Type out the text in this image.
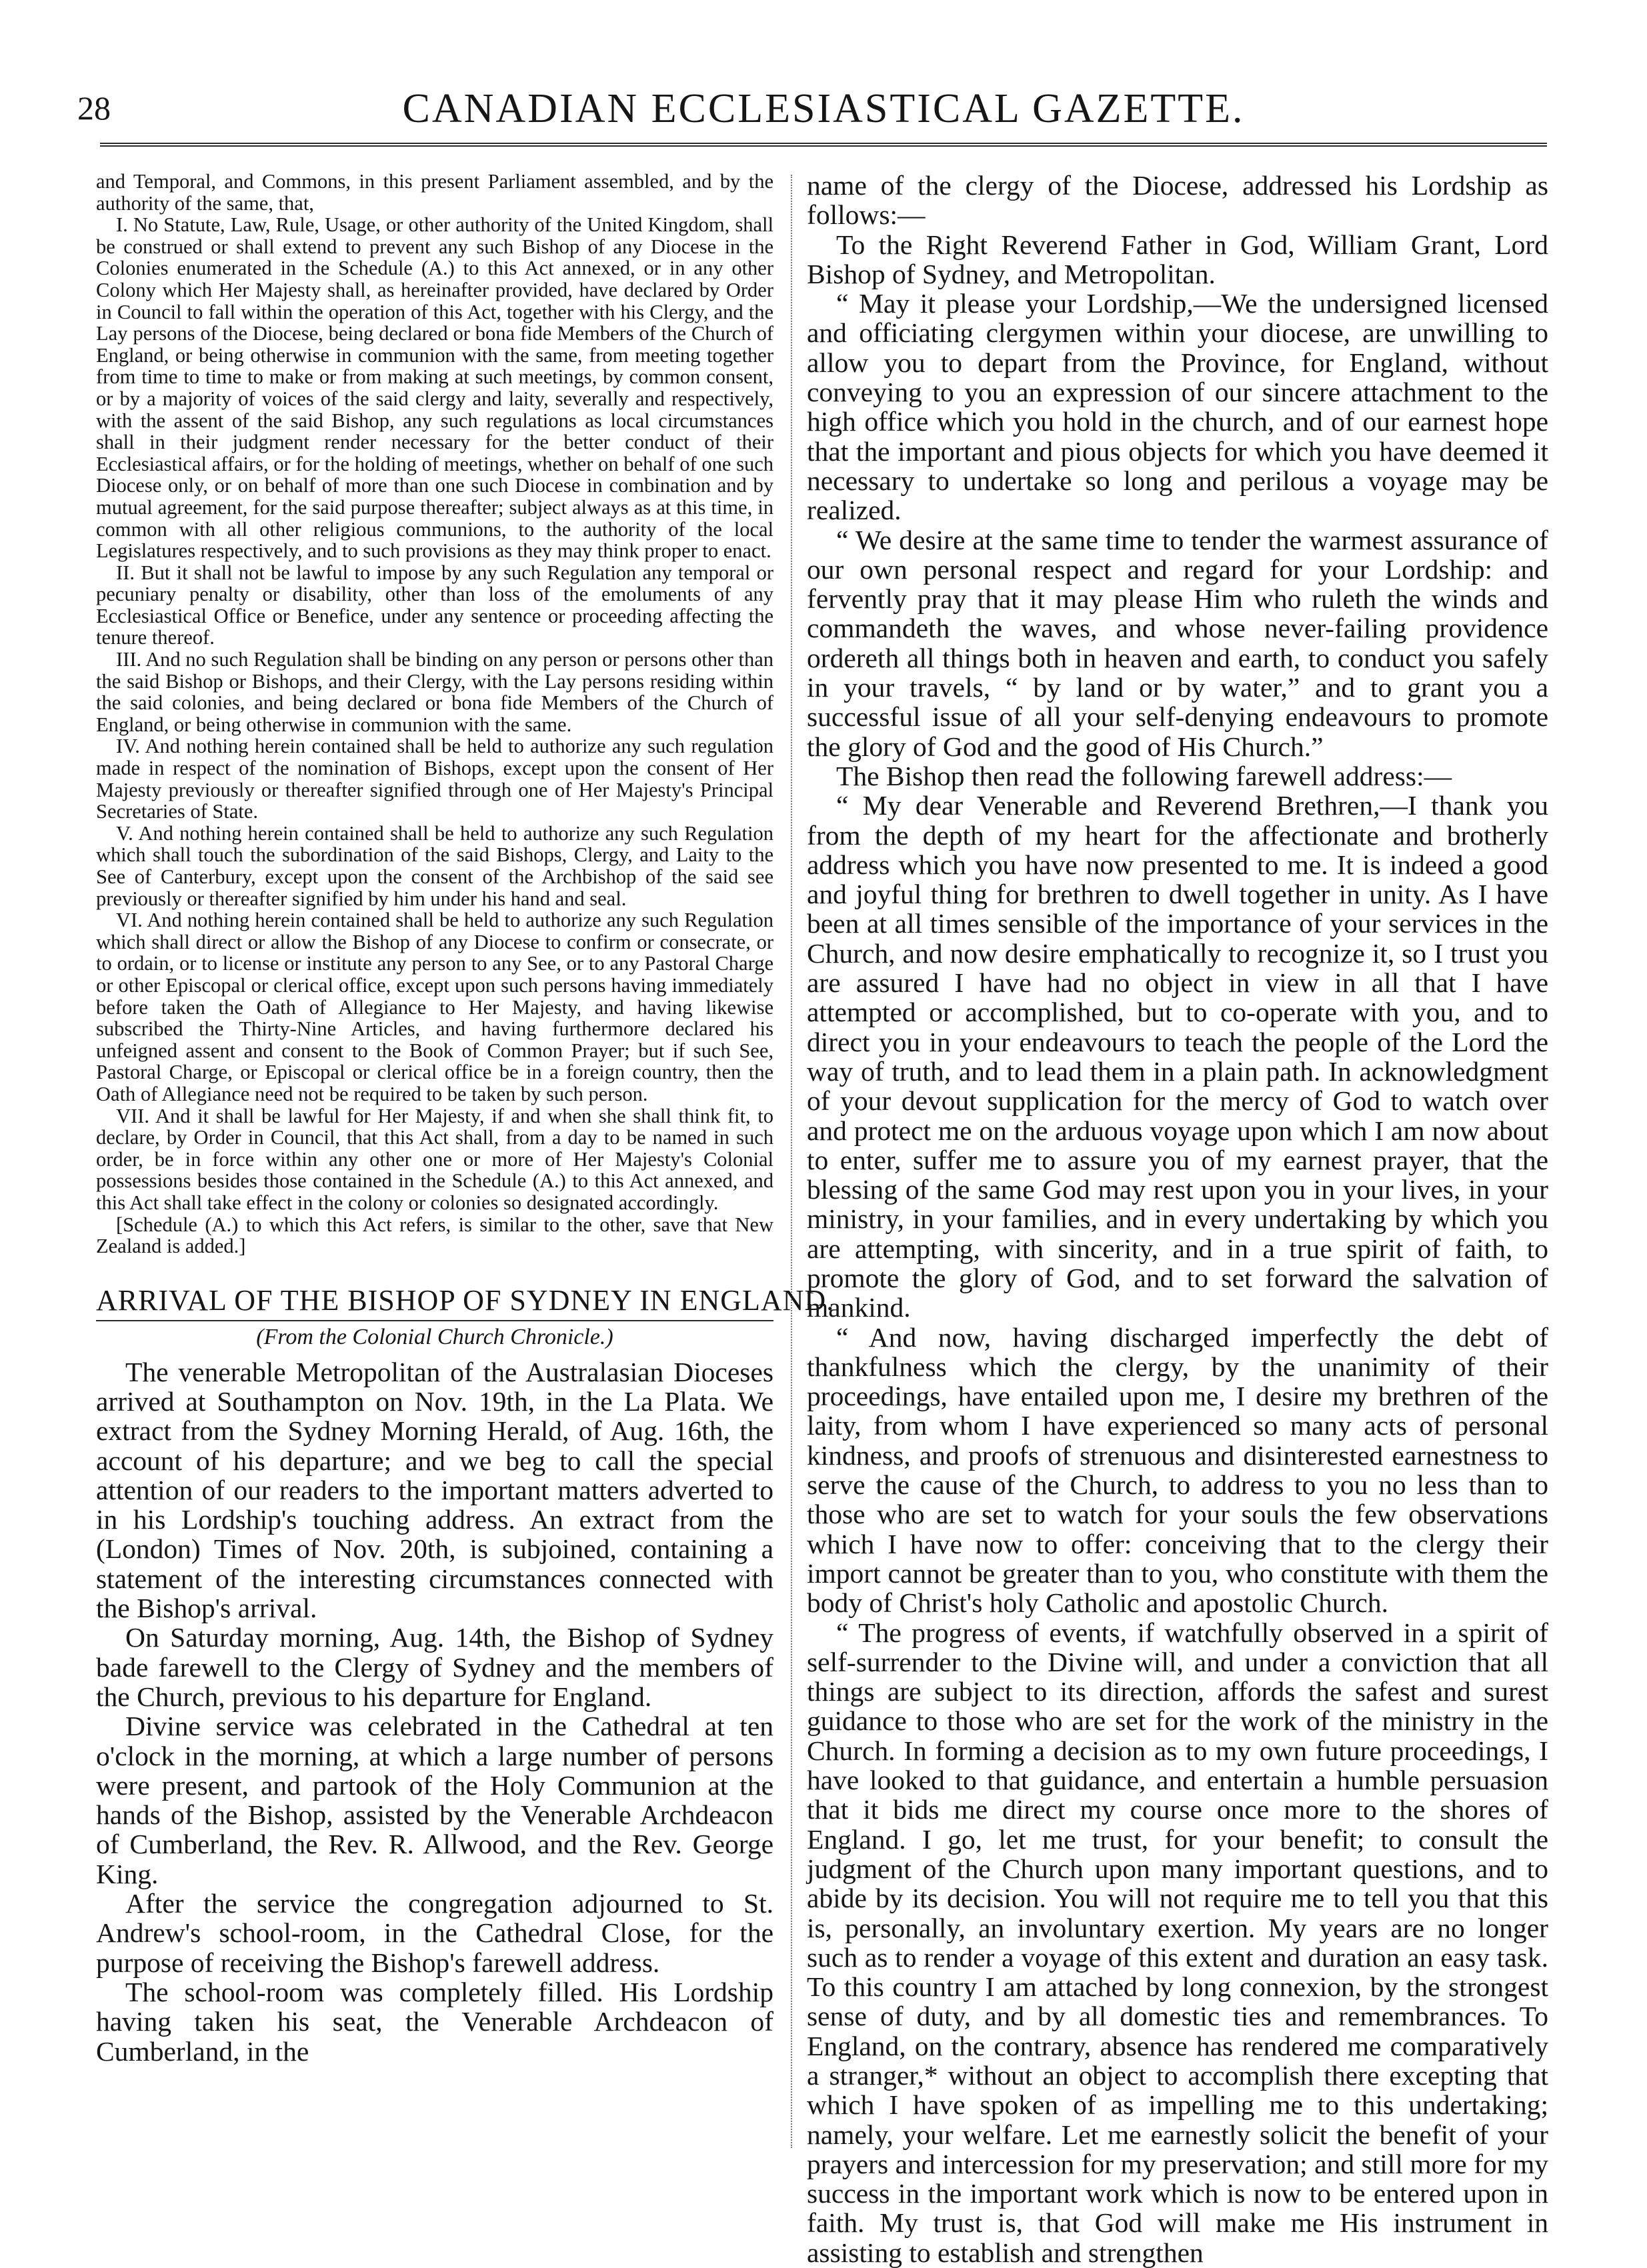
28	CANADIAN ECCLESIASTICAL GAZETTE.

and Temporal, and Commons, in this present Parliament assembled, and by the authority of the same, that,

I. No Statute, Law, Rule, Usage, or other authority of the United Kingdom, shall be construed or shall extend to prevent any such Bishop of any Diocese in the Colonies enumerated in the Schedule (A.) to this Act annexed, or in any other Colony which Her Majesty shall, as hereinafter provided, have declared by Order in Council to fall within the operation of this Act, together with his Clergy, and the Lay persons of the Diocese, being declared or bona fide Members of the Church of England, or being otherwise in communion with the same, from meeting together from time to time to make or from making at such meetings, by common consent, or by a majority of voices of the said clergy and laity, severally and respectively, with the assent of the said Bishop, any such regulations as local circumstances shall in their judgment render necessary for the better conduct of their Ecclesiastical affairs, or for the holding of meetings, whether on behalf of one such Diocese only, or on behalf of more than one such Diocese in combination and by mutual agreement, for the said purpose thereafter; subject always as at this time, in common with all other religious communions, to the authority of the local Legislatures respectively, and to such provisions as they may think proper to enact.

II. But it shall not be lawful to impose by any such Regulation any temporal or pecuniary penalty or disability, other than loss of the emoluments of any Ecclesiastical Office or Benefice, under any sentence or proceeding affecting the tenure thereof.

III. And no such Regulation shall be binding on any person or persons other than the said Bishop or Bishops, and their Clergy, with the Lay persons residing within the said colonies, and being declared or bona fide Members of the Church of England, or being otherwise in communion with the same.

IV. And nothing herein contained shall be held to authorize any such regulation made in respect of the nomination of Bishops, except upon the consent of Her Majesty previously or thereafter signified through one of Her Majesty's Principal Secretaries of State.

V. And nothing herein contained shall be held to authorize any such Regulation which shall touch the subordination of the said Bishops, Clergy, and Laity to the See of Canterbury, except upon the consent of the Archbishop of the said see previously or thereafter signified by him under his hand and seal.

VI. And nothing herein contained shall be held to authorize any such Regulation which shall direct or allow the Bishop of any Diocese to confirm or consecrate, or to ordain, or to license or institute any person to any See, or to any Pastoral Charge or other Episcopal or clerical office, except upon such persons having immediately before taken the Oath of Allegiance to Her Majesty, and having likewise subscribed the Thirty-Nine Articles, and having furthermore declared his unfeigned assent and consent to the Book of Common Prayer; but if such See, Pastoral Charge, or Episcopal or clerical office be in a foreign country, then the Oath of Allegiance need not be required to be taken by such person.

VII. And it shall be lawful for Her Majesty, if and when she shall think fit, to declare, by Order in Council, that this Act shall, from a day to be named in such order, be in force within any other one or more of Her Majesty's Colonial possessions besides those contained in the Schedule (A.) to this Act annexed, and this Act shall take effect in the colony or colonies so designated accordingly.

[Schedule (A.) to which this Act refers, is similar to the other, save that New Zealand is added.]

ARRIVAL OF THE BISHOP OF SYDNEY IN ENGLAND.
(From the Colonial Church Chronicle.)

The venerable Metropolitan of the Australasian Dioceses arrived at Southampton on Nov. 19th, in the La Plata. We extract from the Sydney Morning Herald, of Aug. 16th, the account of his departure; and we beg to call the special attention of our readers to the important matters adverted to in his Lordship's touching address. An extract from the (London) Times of Nov. 20th, is subjoined, containing a statement of the interesting circumstances connected with the Bishop's arrival.

On Saturday morning, Aug. 14th, the Bishop of Sydney bade farewell to the Clergy of Sydney and the members of the Church, previous to his departure for England.

Divine service was celebrated in the Cathedral at ten o'clock in the morning, at which a large number of persons were present, and partook of the Holy Communion at the hands of the Bishop, assisted by the Venerable Archdeacon of Cumberland, the Rev. R. Allwood, and the Rev. George King.

After the service the congregation adjourned to St. Andrew's school-room, in the Cathedral Close, for the purpose of receiving the Bishop's farewell address.

The school-room was completely filled. His Lordship having taken his seat, the Venerable Archdeacon of Cumberland, in the

name of the clergy of the Diocese, addressed his Lordship as follows:—

To the Right Reverend Father in God, William Grant, Lord Bishop of Sydney, and Metropolitan.

“ May it please your Lordship,—We the undersigned licensed and officiating clergymen within your diocese, are unwilling to allow you to depart from the Province, for England, without conveying to you an expression of our sincere attachment to the high office which you hold in the church, and of our earnest hope that the important and pious objects for which you have deemed it necessary to undertake so long and perilous a voyage may be realized.

“ We desire at the same time to tender the warmest assurance of our own personal respect and regard for your Lordship: and fervently pray that it may please Him who ruleth the winds and commandeth the waves, and whose never-failing providence ordereth all things both in heaven and earth, to conduct you safely in your travels, “ by land or by water,” and to grant you a successful issue of all your self-denying endeavours to promote the glory of God and the good of His Church.”

The Bishop then read the following farewell address:—

“ My dear Venerable and Reverend Brethren,—I thank you from the depth of my heart for the affectionate and brotherly address which you have now presented to me. It is indeed a good and joyful thing for brethren to dwell together in unity. As I have been at all times sensible of the importance of your services in the Church, and now desire emphatically to recognize it, so I trust you are assured I have had no object in view in all that I have attempted or accomplished, but to co-operate with you, and to direct you in your endeavours to teach the people of the Lord the way of truth, and to lead them in a plain path. In acknowledgment of your devout supplication for the mercy of God to watch over and protect me on the arduous voyage upon which I am now about to enter, suffer me to assure you of my earnest prayer, that the blessing of the same God may rest upon you in your lives, in your ministry, in your families, and in every undertaking by which you are attempting, with sincerity, and in a true spirit of faith, to promote the glory of God, and to set forward the salvation of mankind.

“ And now, having discharged imperfectly the debt of thankfulness which the clergy, by the unanimity of their proceedings, have entailed upon me, I desire my brethren of the laity, from whom I have experienced so many acts of personal kindness, and proofs of strenuous and disinterested earnestness to serve the cause of the Church, to address to you no less than to those who are set to watch for your souls the few observations which I have now to offer: conceiving that to the clergy their import cannot be greater than to you, who constitute with them the body of Christ's holy Catholic and apostolic Church.

“ The progress of events, if watchfully observed in a spirit of self-surrender to the Divine will, and under a conviction that all things are subject to its direction, affords the safest and surest guidance to those who are set for the work of the ministry in the Church. In forming a decision as to my own future proceedings, I have looked to that guidance, and entertain a humble persuasion that it bids me direct my course once more to the shores of England. I go, let me trust, for your benefit; to consult the judgment of the Church upon many important questions, and to abide by its decision. You will not require me to tell you that this is, personally, an involuntary exertion. My years are no longer such as to render a voyage of this extent and duration an easy task. To this country I am attached by long connexion, by the strongest sense of duty, and by all domestic ties and remembrances. To England, on the contrary, absence has rendered me comparatively a stranger,* without an object to accomplish there excepting that which I have spoken of as impelling me to this undertaking; namely, your welfare. Let me earnestly solicit the benefit of your prayers and intercession for my preservation; and still more for my success in the important work which is now to be entered upon in faith. My trust is, that God will make me His instrument in assisting to establish and strengthen
